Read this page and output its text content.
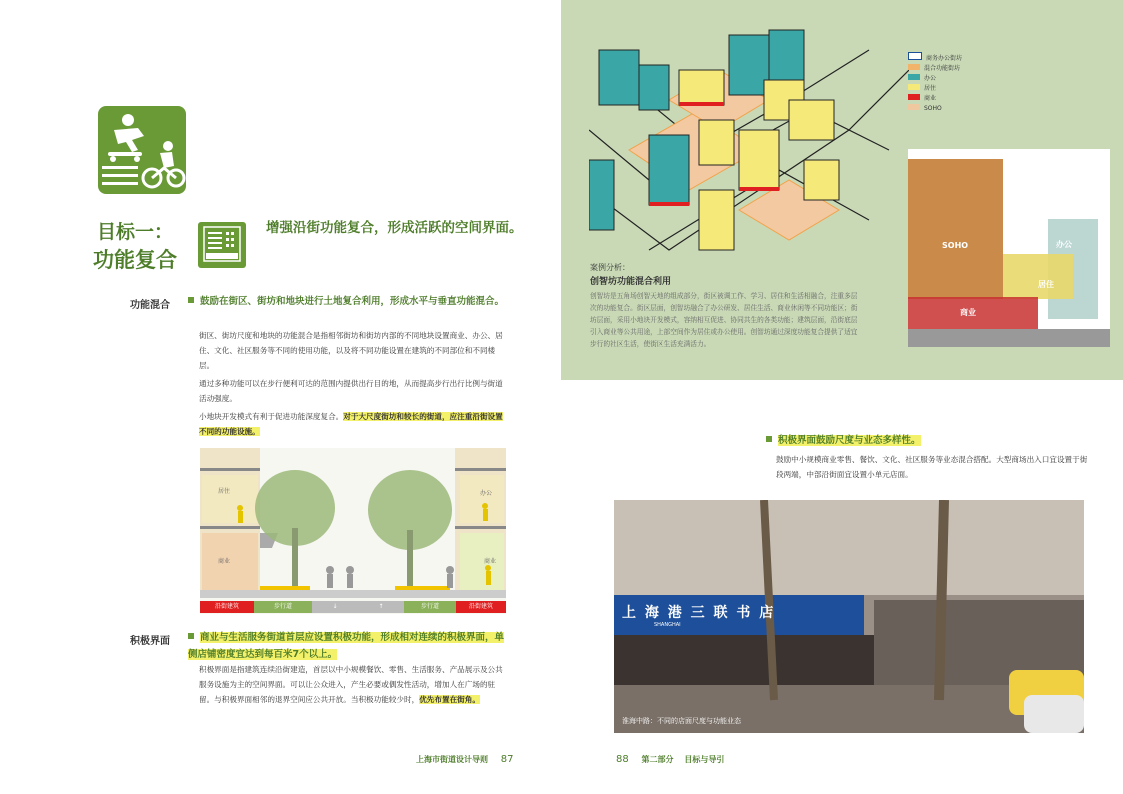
目标一：
功能复合
增强沿街功能复合，形成活跃的空间界面。
功能混合	鼓励在街区、街坊和地块进行土地复合利用，形成水平与垂直功能混合。
街区、街坊尺度和地块的功能混合是指相邻街坊和街坊内部的不同地块设置商业、办公、居住、文化、社区服务等不同的使用功能，以及将不同功能设置在建筑的不同部位和不同楼层。
通过多种功能可以在步行便利可达的范围内提供出行目的地，从而提高步行出行比例与街道活动强度。
小地块开发模式有利于促进功能深度复合。对于大尺度街坊和较长的街道，应注重沿街设置不同的功能设施。
居住
商业
办公
商业
沿街建筑	步行道	↓	↑	步行道	沿街建筑
积极界面	商业与生活服务街道首层应设置积极功能，形成相对连续的积极界面，单侧店铺密度宜达到每百米7个以上。
积极界面是指建筑连续沿街建造，首层以中小规模餐饮、零售、生活服务、产品展示及公共服务设施为主的空间界面。可以让公众进入，产生必要或偶发性活动，增加人在广场的驻留。与积极界面相邻的退界空间应公共开放。当积极功能较少时，优先布置在街角。
上海市街道设计导则 87
商务办公街坊
混合功能街坊
办公
居住
商业
SOHO
SOHO	办公
居住
商业
案例分析：
创智坊功能混合利用
创智坊是五角场创智天地的组成部分，街区被调工作、学习、居住和生活相融合，注重多层次的功能复合。街区层面，创智坊融合了办公研发、居住生活、商业休闲等不同功能区；街坊层面，采用小地块开发模式，容纳相互促进、协同共生的各类功能；建筑层面，沿街底层引入商业等公共用途，上部空间作为居住或办公使用。创智坊通过深度功能复合提供了适宜步行的社区生活，使街区生活充满活力。
积极界面鼓励尺度与业态多样性。
鼓励中小规模商业零售、餐饮、文化、社区服务等业态混合搭配。大型商场出入口宜设置于街段两端，中部沿街面宜设置小单元店面。
上 海 港 三 联 书 店
SHANGHAI
淮海中路：不同的店面尺度与功能业态
88 第二部分 目标与导引
